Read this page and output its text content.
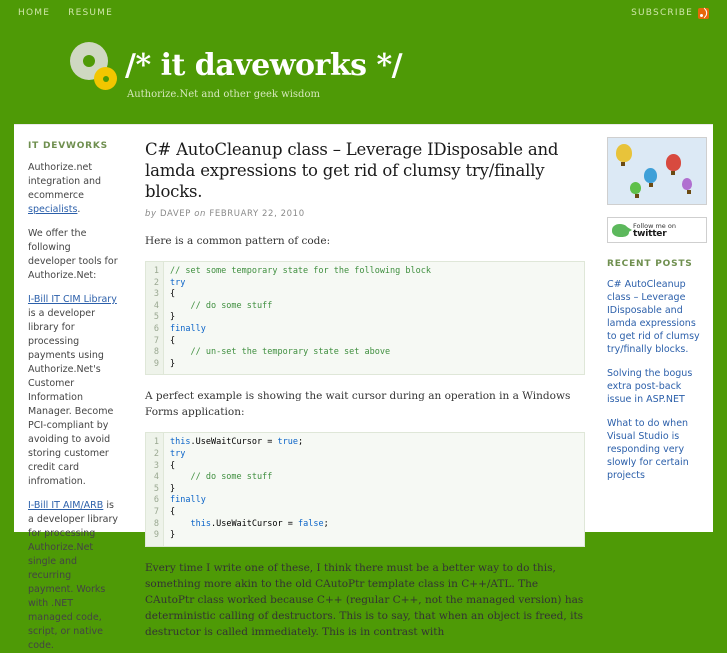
HOME RESUME	SUBSCRIBE
/* it daveworks */
Authorize.Net and other geek wisdom
IT DEVWORKS

Authorize.net integration and ecommerce specialists.

We offer the following developer tools for Authorize.Net:

I-Bill IT CIM Library is a developer library for processing payments using Authorize.Net's Customer Information Manager. Become PCI-compliant by avoiding to avoid storing customer credit card infromation.

I-Bill IT AIM/ARB is a developer library for processing Authorize.Net single and recurring payment. Works with .NET managed code, script, or native code.

C# AutoCleanup class – Leverage IDisposable and lamda expressions to get rid of clumsy try/finally blocks.
by DAVEP on FEBRUARY 22, 2010

Here is a common pattern of code:

1
2
3
4
5
6
7
8
9
// set some temporary state for the following block
try
{
// do some stuff
}
finally
{
// un-set the temporary state set above
}

A perfect example is showing the wait cursor during an operation in a Windows Forms application:

1
2
3
4
5
6
7
8
9
this.UseWaitCursor = true;
try
{
// do some stuff
}
finally
{
this.UseWaitCursor = false;
}

Every time I write one of these, I think there must be a better way to do this, something more akin to the old CAutoPtr template class in C++/ATL. The CAutoPtr class worked because C++ (regular C++, not the managed version) has deterministic calling of destructors. This is to say, that when an object is freed, its destructor is called immediately. This is in contrast with

Follow me on
twitter
RECENT POSTS
C# AutoCleanup class – Leverage IDisposable and lamda expressions to get rid of clumsy try/finally blocks.
Solving the bogus extra post-back issue in ASP.NET
What to do when Visual Studio is responding very slowly for certain projects
